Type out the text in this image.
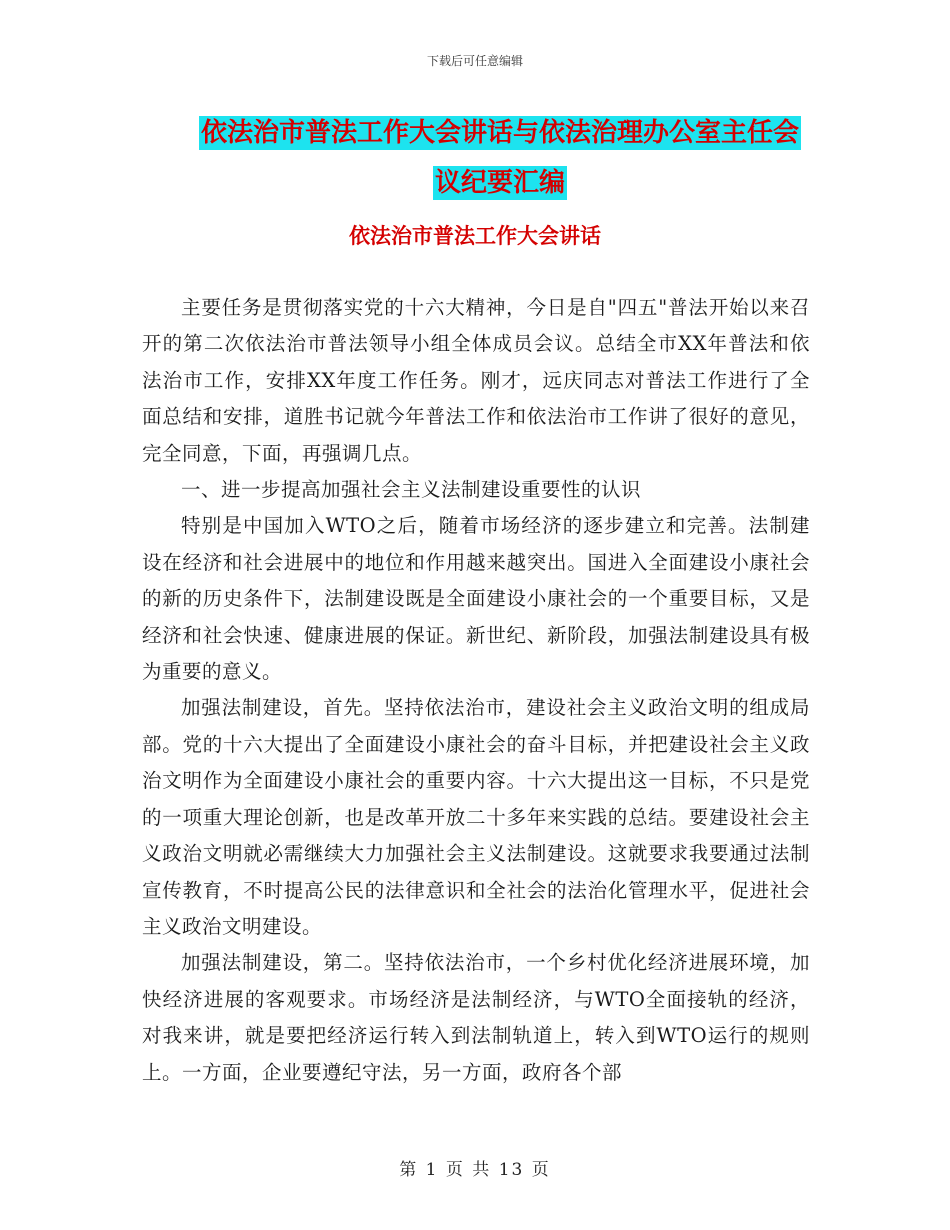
下载后可任意编辑
依法治市普法工作大会讲话与依法治理办公室主任会
议纪要汇编
依法治市普法工作大会讲话

主要任务是贯彻落实党的十六大精神，今日是自"四五"普法开始以来召开的第二次依法治市普法领导小组全体成员会议。总结全市XX年普法和依法治市工作，安排XX年度工作任务。刚才，远庆同志对普法工作进行了全面总结和安排，道胜书记就今年普法工作和依法治市工作讲了很好的意见，完全同意，下面，再强调几点。

一、进一步提高加强社会主义法制建设重要性的认识

特别是中国加入WTO之后，随着市场经济的逐步建立和完善。法制建设在经济和社会进展中的地位和作用越来越突出。国进入全面建设小康社会的新的历史条件下，法制建设既是全面建设小康社会的一个重要目标，又是经济和社会快速、健康进展的保证。新世纪、新阶段，加强法制建设具有极为重要的意义。

加强法制建设，首先。坚持依法治市，建设社会主义政治文明的组成局部。党的十六大提出了全面建设小康社会的奋斗目标，并把建设社会主义政治文明作为全面建设小康社会的重要内容。十六大提出这一目标，不只是党的一项重大理论创新，也是改革开放二十多年来实践的总结。要建设社会主义政治文明就必需继续大力加强社会主义法制建设。这就要求我要通过法制宣传教育，不时提高公民的法律意识和全社会的法治化管理水平，促进社会主义政治文明建设。

加强法制建设，第二。坚持依法治市，一个乡村优化经济进展环境，加快经济进展的客观要求。市场经济是法制经济，与WTO全面接轨的经济，对我来讲，就是要把经济运行转入到法制轨道上，转入到WTO运行的规则上。一方面，企业要遵纪守法，另一方面，政府各个部

第 1 页 共 13 页
